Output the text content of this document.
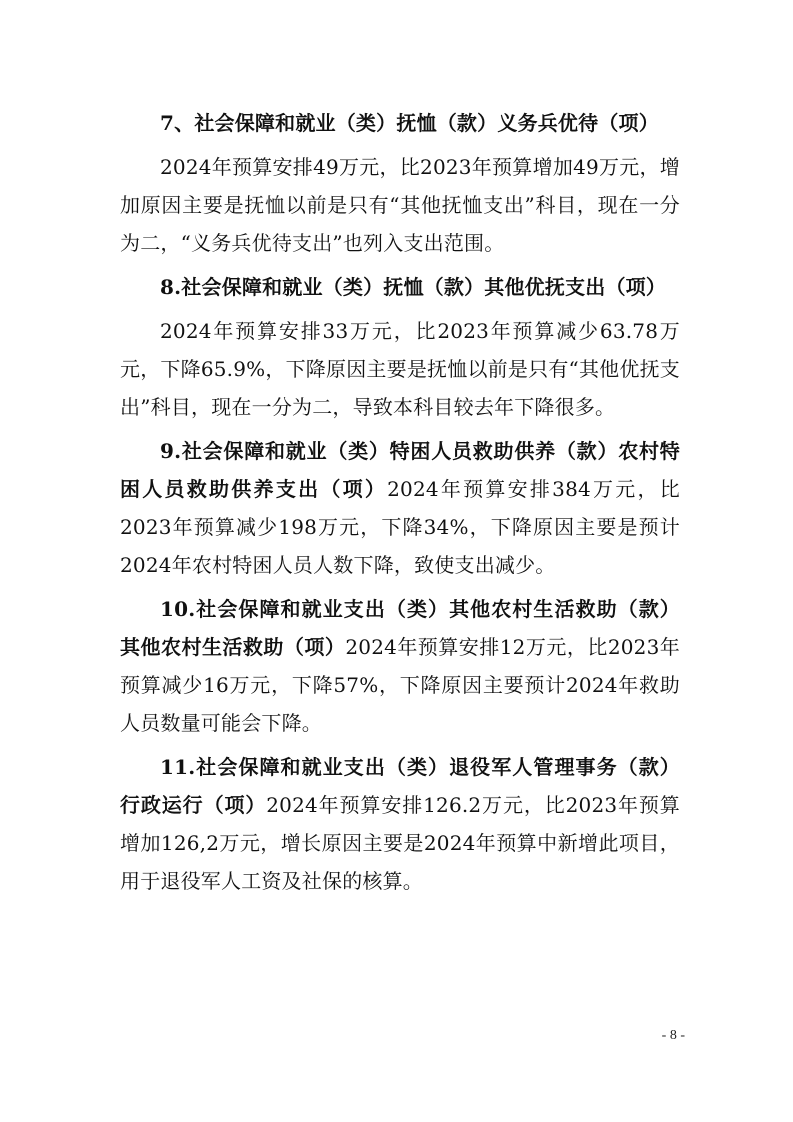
7、社会保障和就业（类）抚恤（款）义务兵优待（项）

2024年预算安排49万元，比2023年预算增加49万元，增加原因主要是抚恤以前是只有“其他抚恤支出”科目，现在一分为二，“义务兵优待支出”也列入支出范围。

8.社会保障和就业（类）抚恤（款）其他优抚支出（项）

2024年预算安排33万元，比2023年预算减少63.78万元，下降65.9%，下降原因主要是抚恤以前是只有“其他优抚支出”科目，现在一分为二，导致本科目较去年下降很多。

9.社会保障和就业（类）特困人员救助供养（款）农村特困人员救助供养支出（项）2024年预算安排384万元，比2023年预算减少198万元，下降34%，下降原因主要是预计2024年农村特困人员人数下降，致使支出减少。

10.社会保障和就业支出（类）其他农村生活救助（款）其他农村生活救助（项）2024年预算安排12万元，比2023年预算减少16万元，下降57%，下降原因主要预计2024年救助人员数量可能会下降。

11.社会保障和就业支出（类）退役军人管理事务（款）行政运行（项）2024年预算安排126.2万元，比2023年预算增加126,2万元，增长原因主要是2024年预算中新增此项目，用于退役军人工资及社保的核算。

- 8 -
